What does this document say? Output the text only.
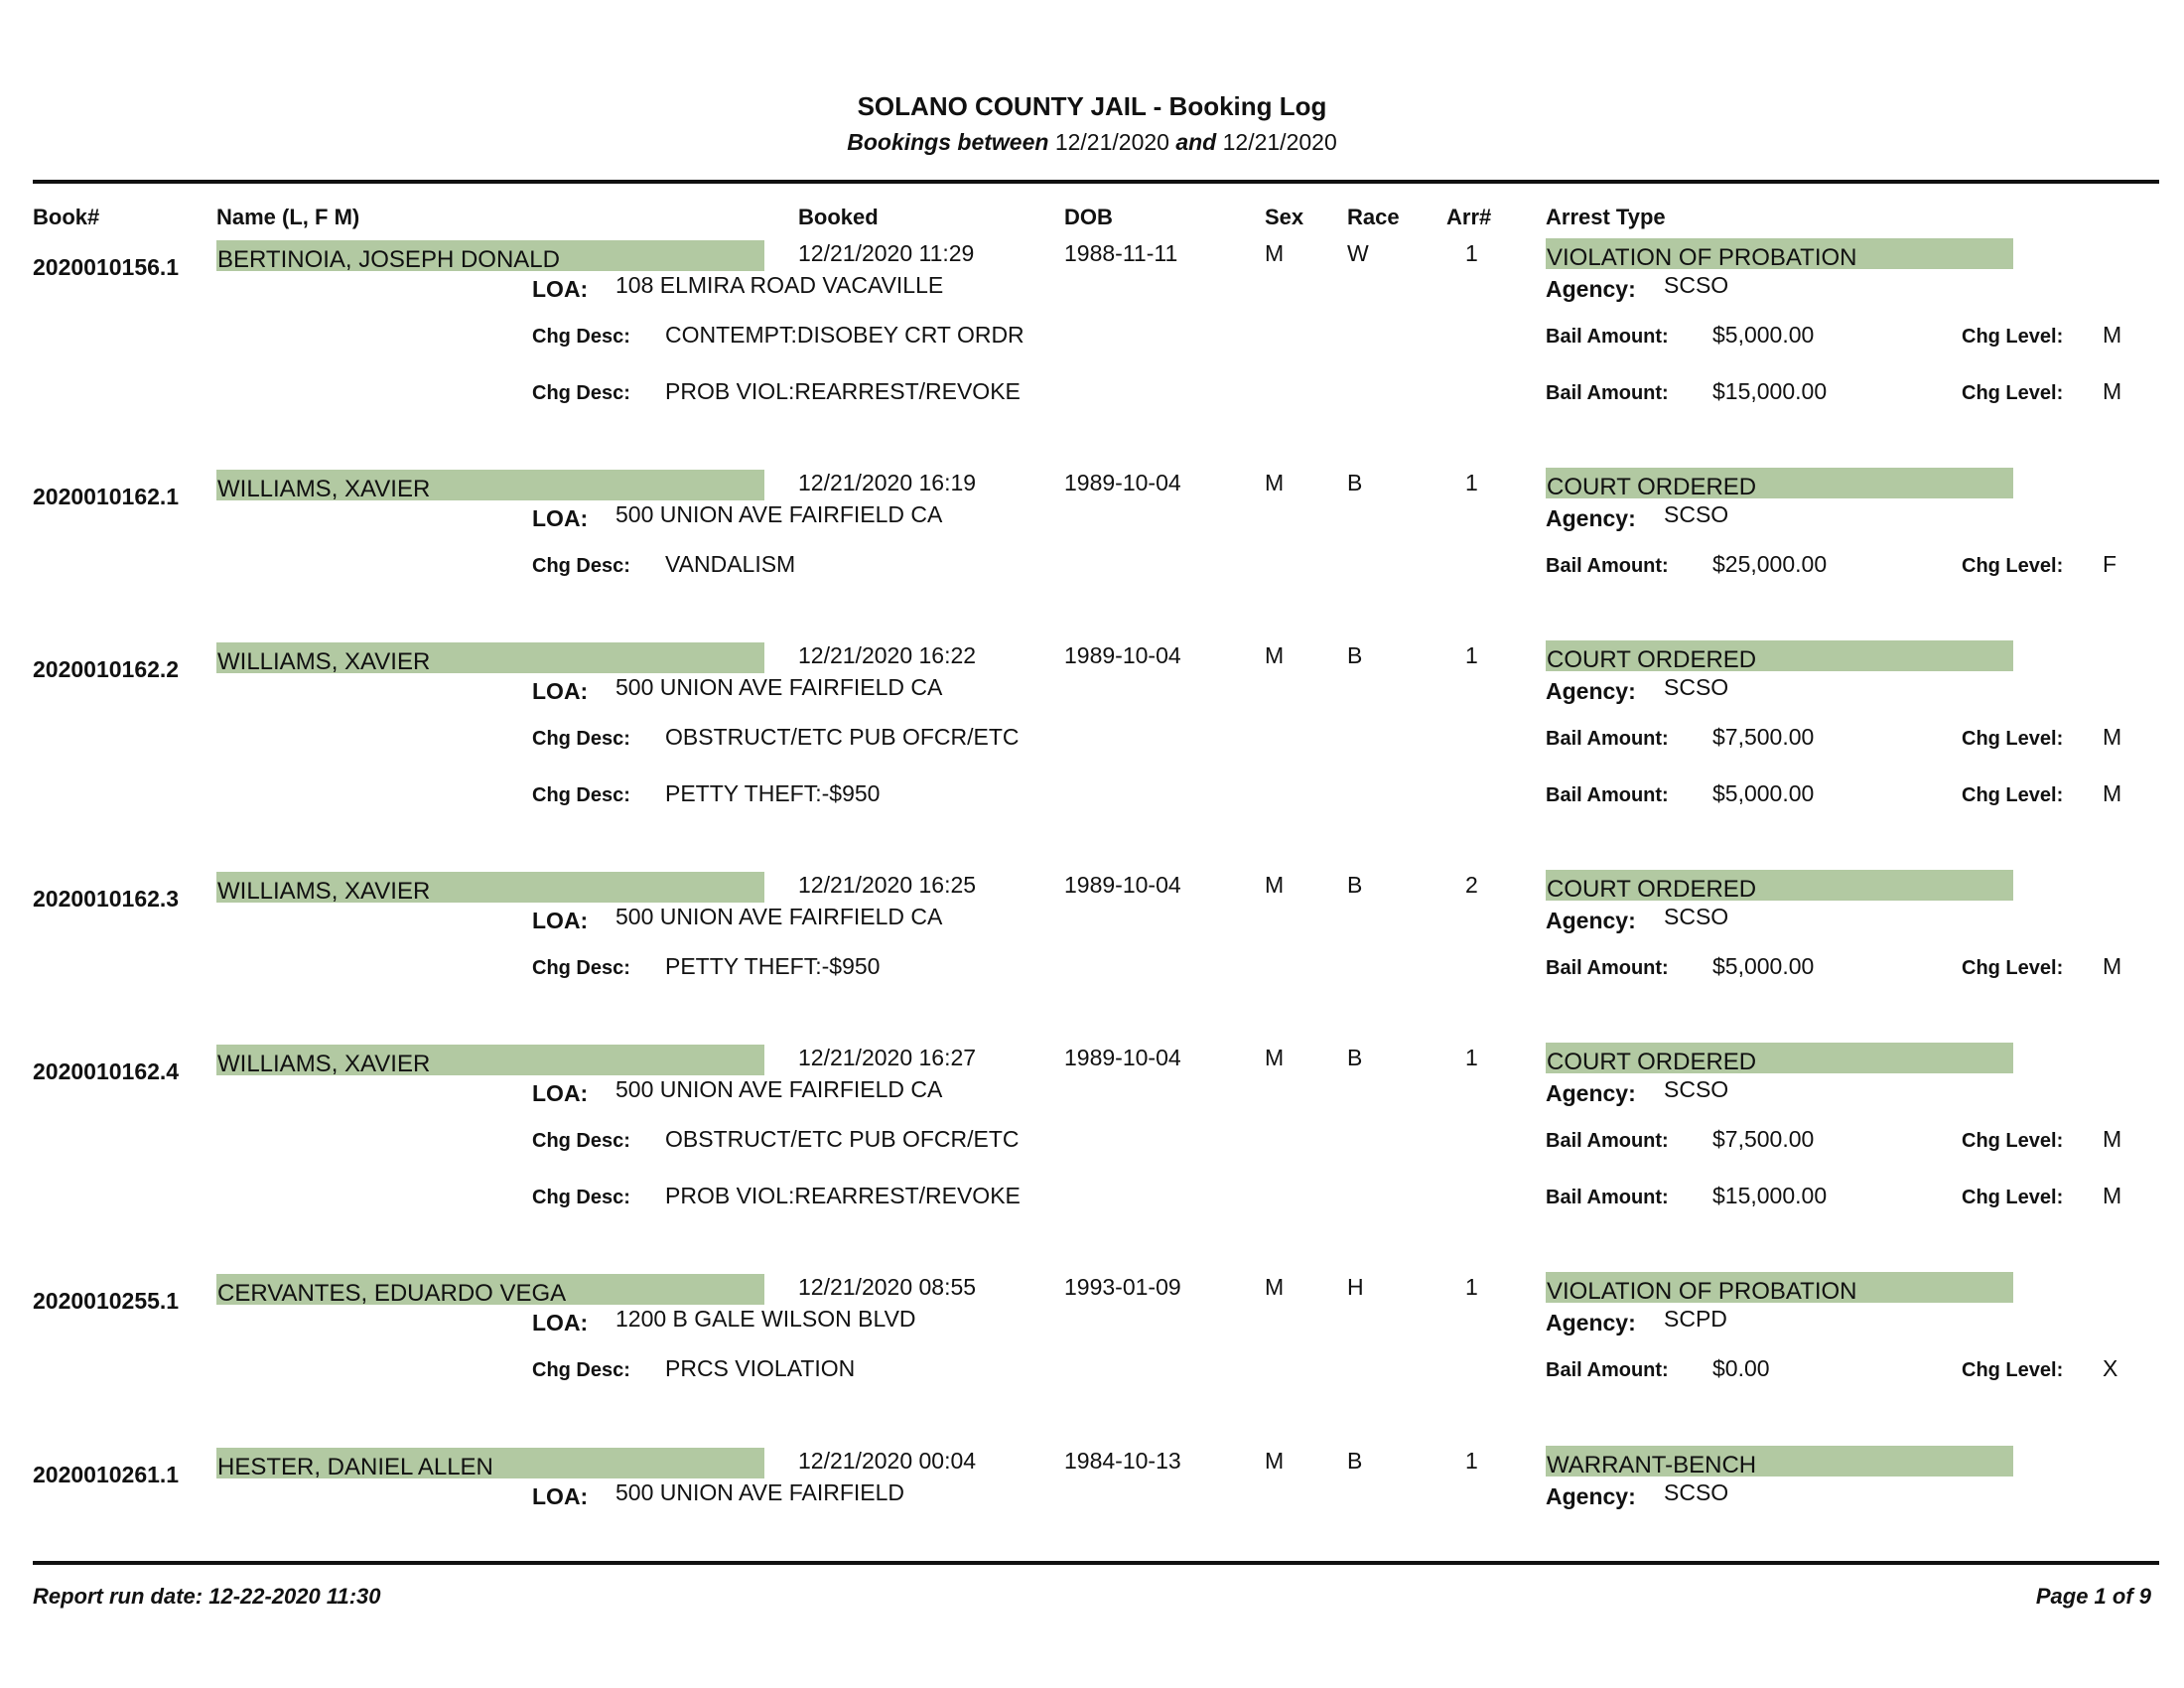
SOLANO COUNTY JAIL - Booking Log
Bookings between 12/21/2020 and 12/21/2020
Book#	Name (L, F M)	Booked	DOB	Sex Race Arr# Arrest Type
2020010156.1 BERTINOIA, JOSEPH DONALD	12/21/2020 11:29	1988-11-11	M	W	1	VIOLATION OF PROBATION
LOA: 108 ELMIRA ROAD VACAVILLE	Agency: SCSO
Chg Desc: CONTEMPT:DISOBEY CRT ORDR	Bail Amount: $5,000.00	Chg Level: M
Chg Desc: PROB VIOL:REARREST/REVOKE	Bail Amount: $15,000.00	Chg Level: M
2020010162.1 WILLIAMS, XAVIER	12/21/2020 16:19	1989-10-04	M	B	1	COURT ORDERED
LOA: 500 UNION AVE FAIRFIELD CA	Agency: SCSO
Chg Desc: VANDALISM	Bail Amount: $25,000.00	Chg Level: F
2020010162.2 WILLIAMS, XAVIER	12/21/2020 16:22	1989-10-04	M	B	1	COURT ORDERED
LOA: 500 UNION AVE FAIRFIELD CA	Agency: SCSO
Chg Desc: OBSTRUCT/ETC PUB OFCR/ETC	Bail Amount: $7,500.00	Chg Level: M
Chg Desc: PETTY THEFT:-$950	Bail Amount: $5,000.00	Chg Level: M
2020010162.3 WILLIAMS, XAVIER	12/21/2020 16:25	1989-10-04	M	B	2	COURT ORDERED
LOA: 500 UNION AVE FAIRFIELD CA	Agency: SCSO
Chg Desc: PETTY THEFT:-$950	Bail Amount: $5,000.00	Chg Level: M
2020010162.4 WILLIAMS, XAVIER	12/21/2020 16:27	1989-10-04	M	B	1	COURT ORDERED
LOA: 500 UNION AVE FAIRFIELD CA	Agency: SCSO
Chg Desc: OBSTRUCT/ETC PUB OFCR/ETC	Bail Amount: $7,500.00	Chg Level: M
Chg Desc: PROB VIOL:REARREST/REVOKE	Bail Amount: $15,000.00	Chg Level: M
2020010255.1 CERVANTES, EDUARDO VEGA	12/21/2020 08:55	1993-01-09	M	H	1	VIOLATION OF PROBATION
LOA: 1200 B GALE WILSON BLVD	Agency: SCPD
Chg Desc: PRCS VIOLATION	Bail Amount: $0.00	Chg Level: X
2020010261.1 HESTER, DANIEL ALLEN	12/21/2020 00:04	1984-10-13	M	B	1	WARRANT-BENCH
LOA: 500 UNION AVE FAIRFIELD	Agency: SCSO
Report run date: 12-22-2020 11:30	Page 1 of 9
